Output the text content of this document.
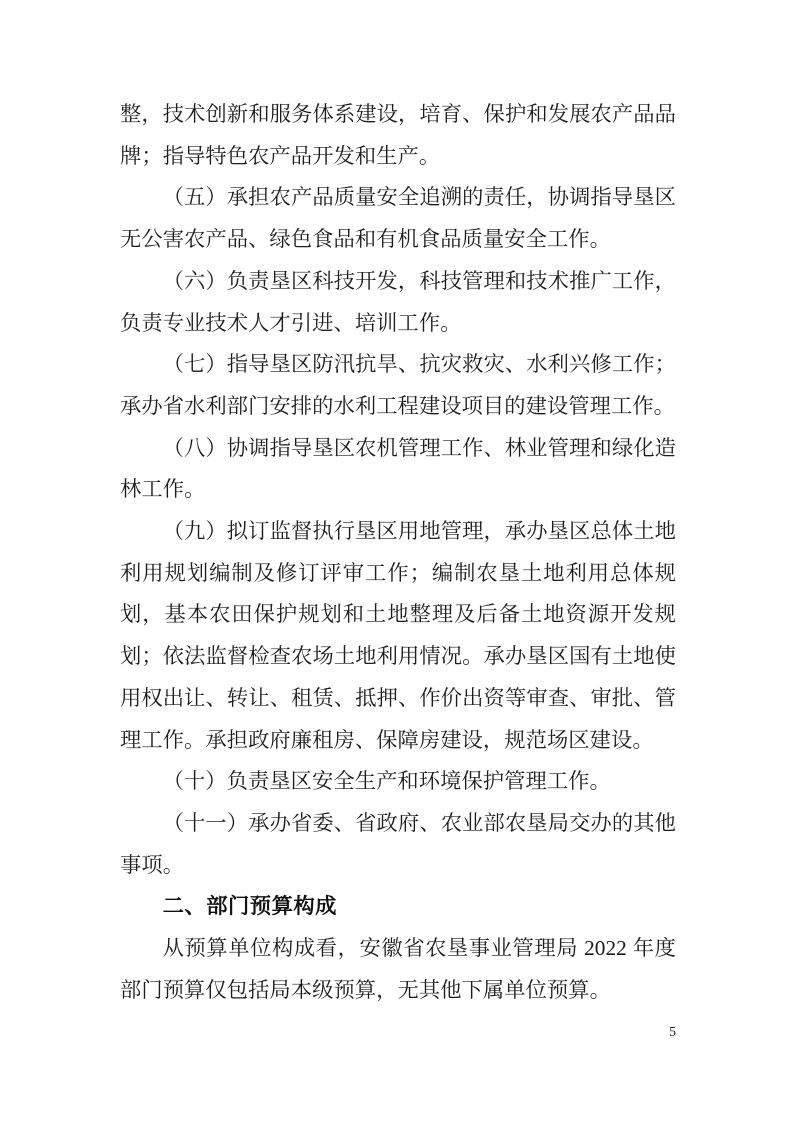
整，技术创新和服务体系建设，培育、保护和发展农产品品牌；指导特色农产品开发和生产。

（五）承担农产品质量安全追溯的责任，协调指导垦区无公害农产品、绿色食品和有机食品质量安全工作。

（六）负责垦区科技开发，科技管理和技术推广工作，负责专业技术人才引进、培训工作。

（七）指导垦区防汛抗旱、抗灾救灾、水利兴修工作；承办省水利部门安排的水利工程建设项目的建设管理工作。

（八）协调指导垦区农机管理工作、林业管理和绿化造林工作。

（九）拟订监督执行垦区用地管理，承办垦区总体土地利用规划编制及修订评审工作；编制农垦土地利用总体规划，基本农田保护规划和土地整理及后备土地资源开发规划；依法监督检查农场土地利用情况。承办垦区国有土地使用权出让、转让、租赁、抵押、作价出资等审查、审批、管理工作。承担政府廉租房、保障房建设，规范场区建设。

（十）负责垦区安全生产和环境保护管理工作。

（十一）承办省委、省政府、农业部农垦局交办的其他事项。

二、部门预算构成

从预算单位构成看，安徽省农垦事业管理局 2022 年度部门预算仅包括局本级预算，无其他下属单位预算。

5
